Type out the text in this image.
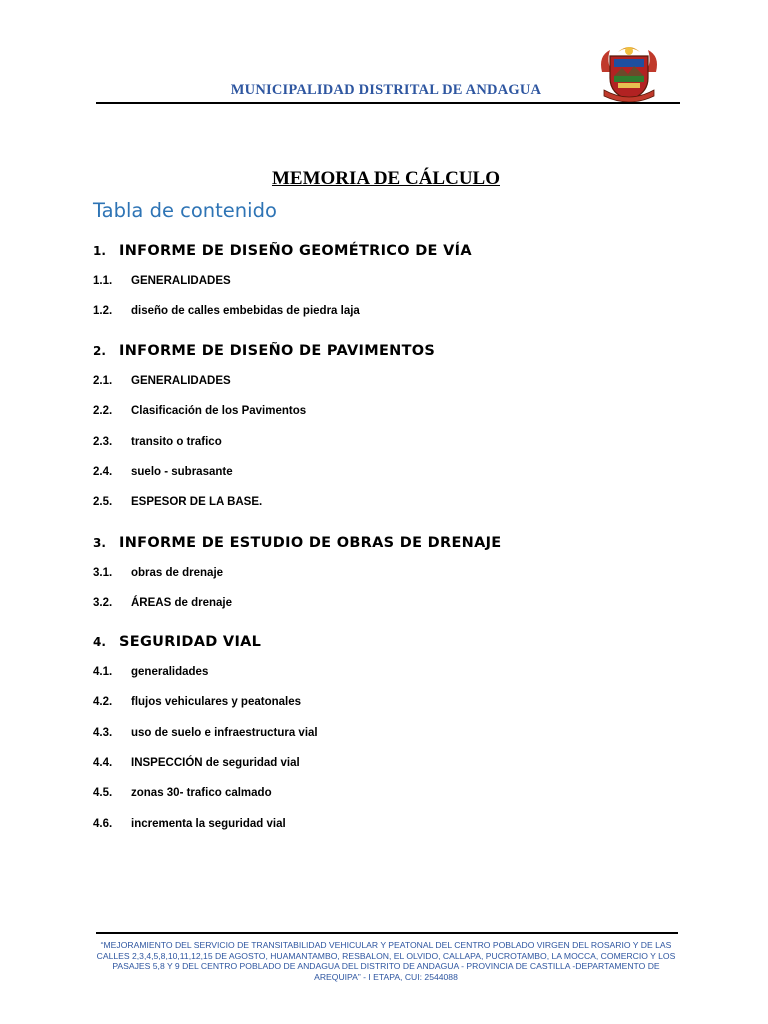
MUNICIPALIDAD DISTRITAL DE ANDAGUA
MEMORIA DE CÁLCULO
Tabla de contenido
1. INFORME DE DISEÑO GEOMÉTRICO DE VÍA
1.1. GENERALIDADES
1.2. diseño de calles embebidas de piedra laja
2. INFORME DE DISEÑO DE PAVIMENTOS
2.1. GENERALIDADES
2.2. Clasificación de los Pavimentos
2.3. transito o trafico
2.4. suelo - subrasante
2.5. ESPESOR DE LA BASE.
3. INFORME DE ESTUDIO DE OBRAS DE DRENAJE
3.1. obras de drenaje
3.2. ÁREAS de drenaje
4. SEGURIDAD VIAL
4.1. generalidades
4.2. flujos vehiculares y peatonales
4.3. uso de suelo e infraestructura vial
4.4. INSPECCIÓN de seguridad vial
4.5. zonas 30- trafico calmado
4.6. incrementa la seguridad vial
“MEJORAMIENTO DEL SERVICIO DE TRANSITABILIDAD VEHICULAR Y PEATONAL DEL CENTRO POBLADO VIRGEN DEL ROSARIO Y DE LAS CALLES 2,3,4,5,8,10,11,12,15 DE AGOSTO, HUAMANTAMBO, RESBALON, EL OLVIDO, CALLAPA, PUCROTAMBO, LA MOCCA, COMERCIO Y LOS PASAJES 5,8 Y 9 DEL CENTRO POBLADO DE ANDAGUA DEL DISTRITO DE ANDAGUA - PROVINCIA DE CASTILLA -DEPARTAMENTO DE AREQUIPA” - I ETAPA, CUI: 2544088
